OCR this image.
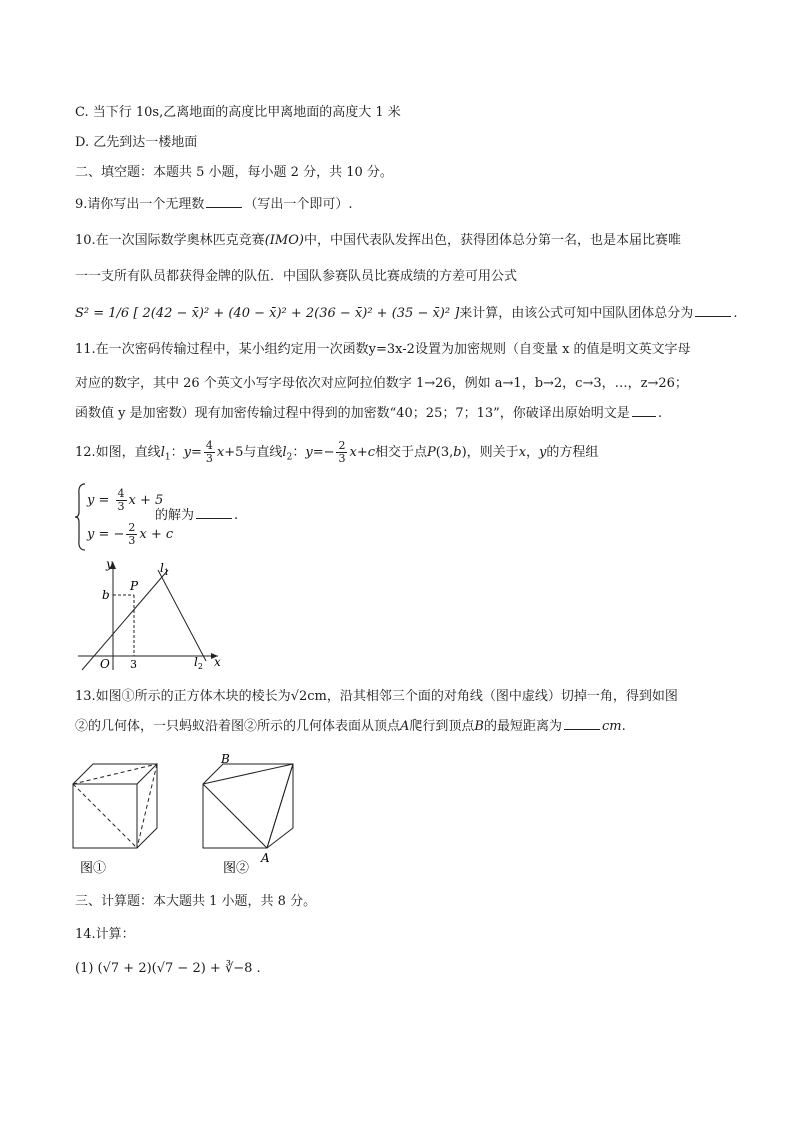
C. 当下行 10s,乙离地面的高度比甲离地面的高度大 1 米
D. 乙先到达一楼地面
二、填空题：本题共 5 小题，每小题 2 分，共 10 分。
9.请你写出一个无理数	（写出一个即可）.
10.在一次国际数学奥林匹克竞赛(IMO)中，中国代表队发挥出色，获得团体总分第一名，也是本届比赛唯
一一支所有队员都获得金牌的队伍．中国队参赛队员比赛成绩的方差可用公式
S² = 1/6 [ 2(42 − x̄)² + (40 − x̄)² + 2(36 − x̄)² + (35 − x̄)² ]来计算，由该公式可知中国队团体总分为	.
11.在一次密码传输过程中，某小组约定用一次函数y=3x-2设置为加密规则（自变量 x 的值是明文英文字母
对应的数字，其中 26 个英文小写字母依次对应阿拉伯数字 1→26，例如 a→1，b→2，c→3，…，z→26；
函数值 y 是加密数）现有加密传输过程中得到的加密数“40；25；7；13”，你破译出原始明文是 .
12.如图，直线$l_1$：$y= \frac{4}{3} x+5$与直线$l_2$：$y=- \frac{2}{3} x+c$相交于点P(3,b)，则关于x，y的方程组
$y = \frac{4}{3}$ x + 5
y = − $\frac{2}{3}$ x + c
的解为	.
y
x
O
b
3
P
$l_1$
$l_2$
13.如图①所示的正方体木块的棱长为√2cm，沿其相邻三个面的对角线（图中虚线）切掉一角，得到如图
②的几何体，一只蚂蚁沿着图②所示的几何体表面从顶点A爬行到顶点B的最短距离为	cm.
图①
B
A
图②
三、计算题：本大题共 1 小题，共 8 分。
14.计算：
(1) (√7 + 2)(√7 − 2) + ∛−8 .
